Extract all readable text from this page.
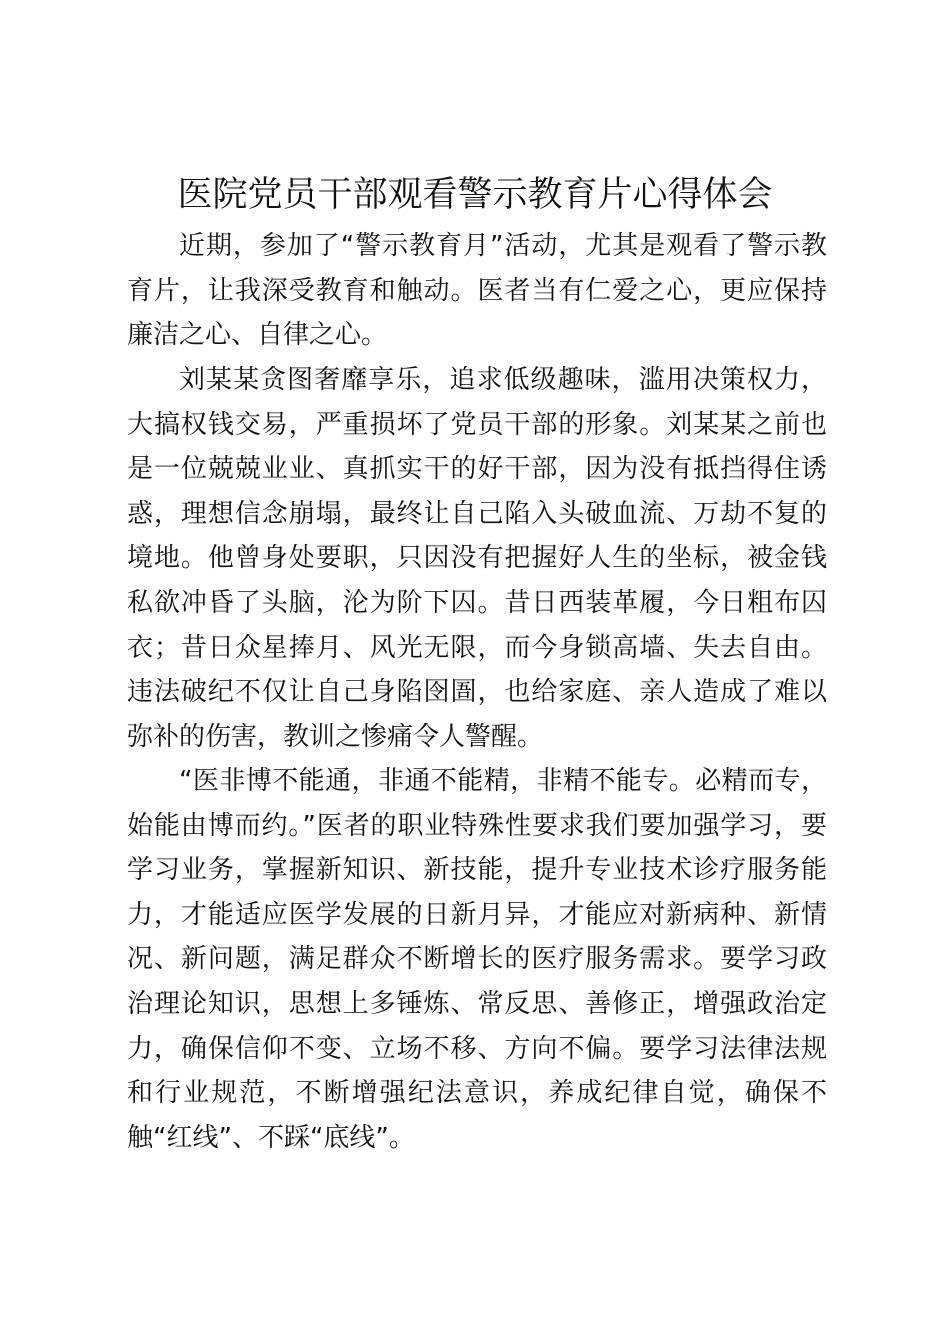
医院党员干部观看警示教育片心得体会

近期，参加了“警示教育月”活动，尤其是观看了警示教育片，让我深受教育和触动。医者当有仁爱之心，更应保持廉洁之心、自律之心。

刘某某贪图奢靡享乐，追求低级趣味，滥用决策权力，大搞权钱交易，严重损坏了党员干部的形象。刘某某之前也是一位兢兢业业、真抓实干的好干部，因为没有抵挡得住诱惑，理想信念崩塌，最终让自己陷入头破血流、万劫不复的境地。他曾身处要职，只因没有把握好人生的坐标，被金钱私欲冲昏了头脑，沦为阶下囚。昔日西装革履，今日粗布囚衣；昔日众星捧月、风光无限，而今身锁高墙、失去自由。违法破纪不仅让自己身陷囹圄，也给家庭、亲人造成了难以弥补的伤害，教训之惨痛令人警醒。

“医非博不能通，非通不能精，非精不能专。必精而专，始能由博而约。”医者的职业特殊性要求我们要加强学习，要学习业务，掌握新知识、新技能，提升专业技术诊疗服务能力，才能适应医学发展的日新月异，才能应对新病种、新情况、新问题，满足群众不断增长的医疗服务需求。要学习政治理论知识，思想上多锤炼、常反思、善修正，增强政治定力，确保信仰不变、立场不移、方向不偏。要学习法律法规和行业规范，不断增强纪法意识，养成纪律自觉，确保不触“红线”、不踩“底线”。
